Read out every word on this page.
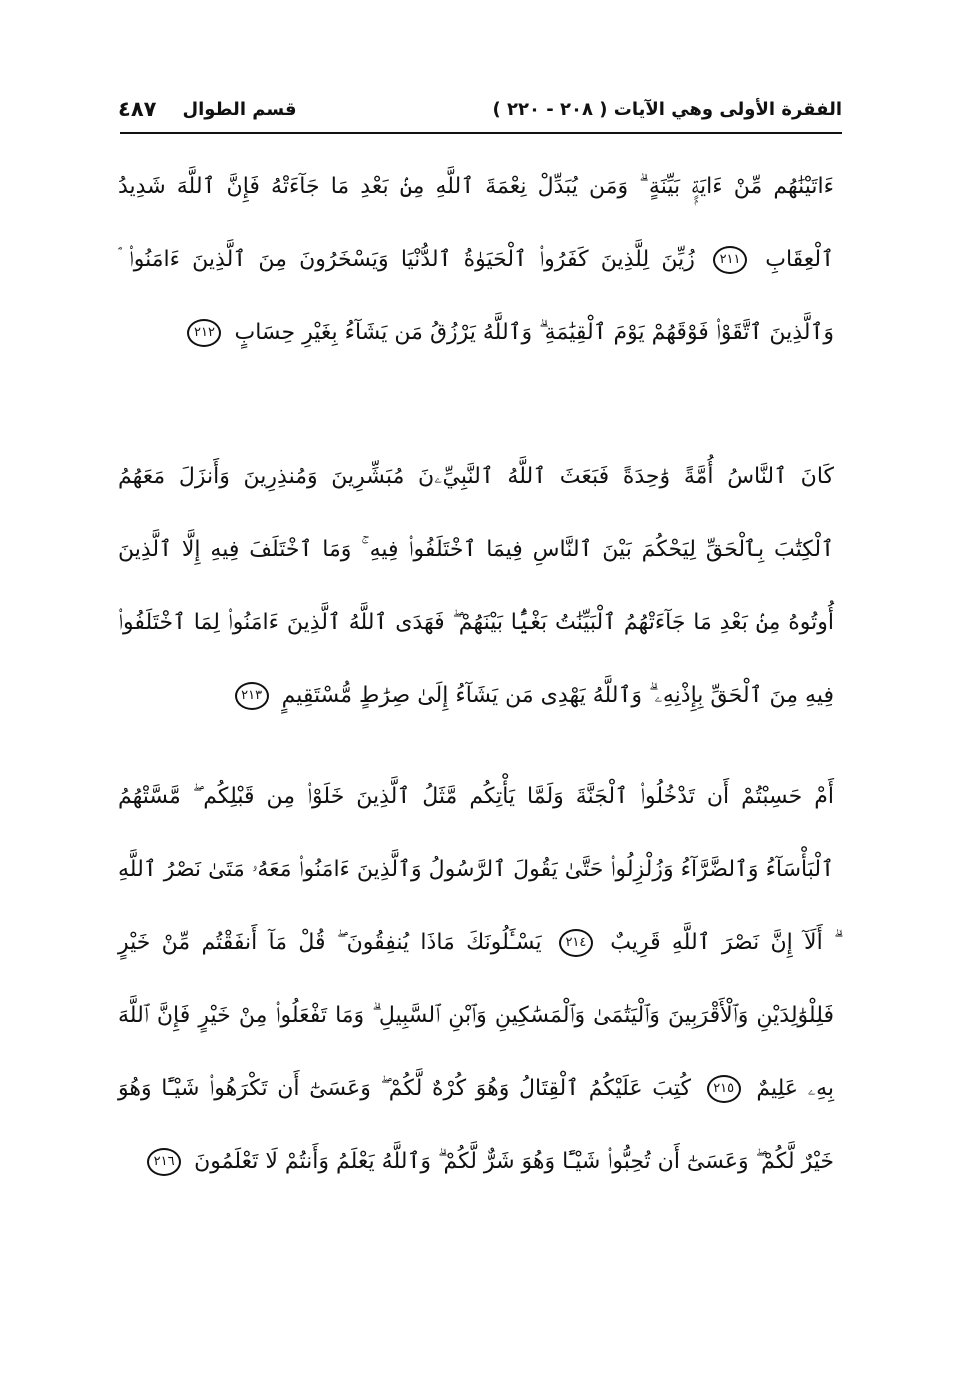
الفقرة الأولى وهي الآيات ( ٢٠٨ - ٢٢٠ )
قسم الطوال
٤٨٧
ءَاتَيْنَٰهُم مِّنْ ءَايَةٍۭ بَيِّنَةٍ ۗ وَمَن يُبَدِّلْ نِعْمَةَ ٱللَّهِ مِنۢ بَعْدِ مَا جَآءَتْهُ فَإِنَّ ٱللَّهَ شَدِيدُ ٱلْعِقَابِ ٢١١ زُيِّنَ لِلَّذِينَ كَفَرُوا۟ ٱلْحَيَوٰةُ ٱلدُّنْيَا وَيَسْخَرُونَ مِنَ ٱلَّذِينَ ءَامَنُوا۟ ۘ وَٱلَّذِينَ ٱتَّقَوْا۟ فَوْقَهُمْ يَوْمَ ٱلْقِيَٰمَةِ ۗ وَٱللَّهُ يَرْزُقُ مَن يَشَآءُ بِغَيْرِ حِسَابٍ ٢١٢
كَانَ ٱلنَّاسُ أُمَّةً وَٰحِدَةً فَبَعَثَ ٱللَّهُ ٱلنَّبِيِّۦنَ مُبَشِّرِينَ وَمُنذِرِينَ وَأَنزَلَ مَعَهُمُ ٱلْكِتَٰبَ بِٱلْحَقِّ لِيَحْكُمَ بَيْنَ ٱلنَّاسِ فِيمَا ٱخْتَلَفُوا۟ فِيهِ ۚ وَمَا ٱخْتَلَفَ فِيهِ إِلَّا ٱلَّذِينَ أُوتُوهُ مِنۢ بَعْدِ مَا جَآءَتْهُمُ ٱلْبَيِّنَٰتُ بَغْيًۢا بَيْنَهُمْ ۖ فَهَدَى ٱللَّهُ ٱلَّذِينَ ءَامَنُوا۟ لِمَا ٱخْتَلَفُوا۟ فِيهِ مِنَ ٱلْحَقِّ بِإِذْنِهِۦ ۗ وَٱللَّهُ يَهْدِى مَن يَشَآءُ إِلَىٰ صِرَٰطٍ مُّسْتَقِيمٍ ٢١٣
أَمْ حَسِبْتُمْ أَن تَدْخُلُوا۟ ٱلْجَنَّةَ وَلَمَّا يَأْتِكُم مَّثَلُ ٱلَّذِينَ خَلَوْا۟ مِن قَبْلِكُم ۖ مَّسَّتْهُمُ ٱلْبَأْسَآءُ وَٱلضَّرَّآءُ وَزُلْزِلُوا۟ حَتَّىٰ يَقُولَ ٱلرَّسُولُ وَٱلَّذِينَ ءَامَنُوا۟ مَعَهُۥ مَتَىٰ نَصْرُ ٱللَّهِ ۗ أَلَآ إِنَّ نَصْرَ ٱللَّهِ قَرِيبٌ ٢١٤ يَسْـَٔلُونَكَ مَاذَا يُنفِقُونَ ۖ قُلْ مَآ أَنفَقْتُم مِّنْ خَيْرٍ فَلِلْوَٰلِدَيْنِ وَٱلْأَقْرَبِينَ وَٱلْيَتَٰمَىٰ وَٱلْمَسَٰكِينِ وَٱبْنِ ٱلسَّبِيلِ ۗ وَمَا تَفْعَلُوا۟ مِنْ خَيْرٍ فَإِنَّ ٱللَّهَ بِهِۦ عَلِيمٌ ٢١٥ كُتِبَ عَلَيْكُمُ ٱلْقِتَالُ وَهُوَ كُرْهٌ لَّكُمْ ۖ وَعَسَىٰٓ أَن تَكْرَهُوا۟ شَيْـًٔا وَهُوَ خَيْرٌ لَّكُمْ ۖ وَعَسَىٰٓ أَن تُحِبُّوا۟ شَيْـًٔا وَهُوَ شَرٌّ لَّكُمْ ۗ وَٱللَّهُ يَعْلَمُ وَأَنتُمْ لَا تَعْلَمُونَ ٢١٦
